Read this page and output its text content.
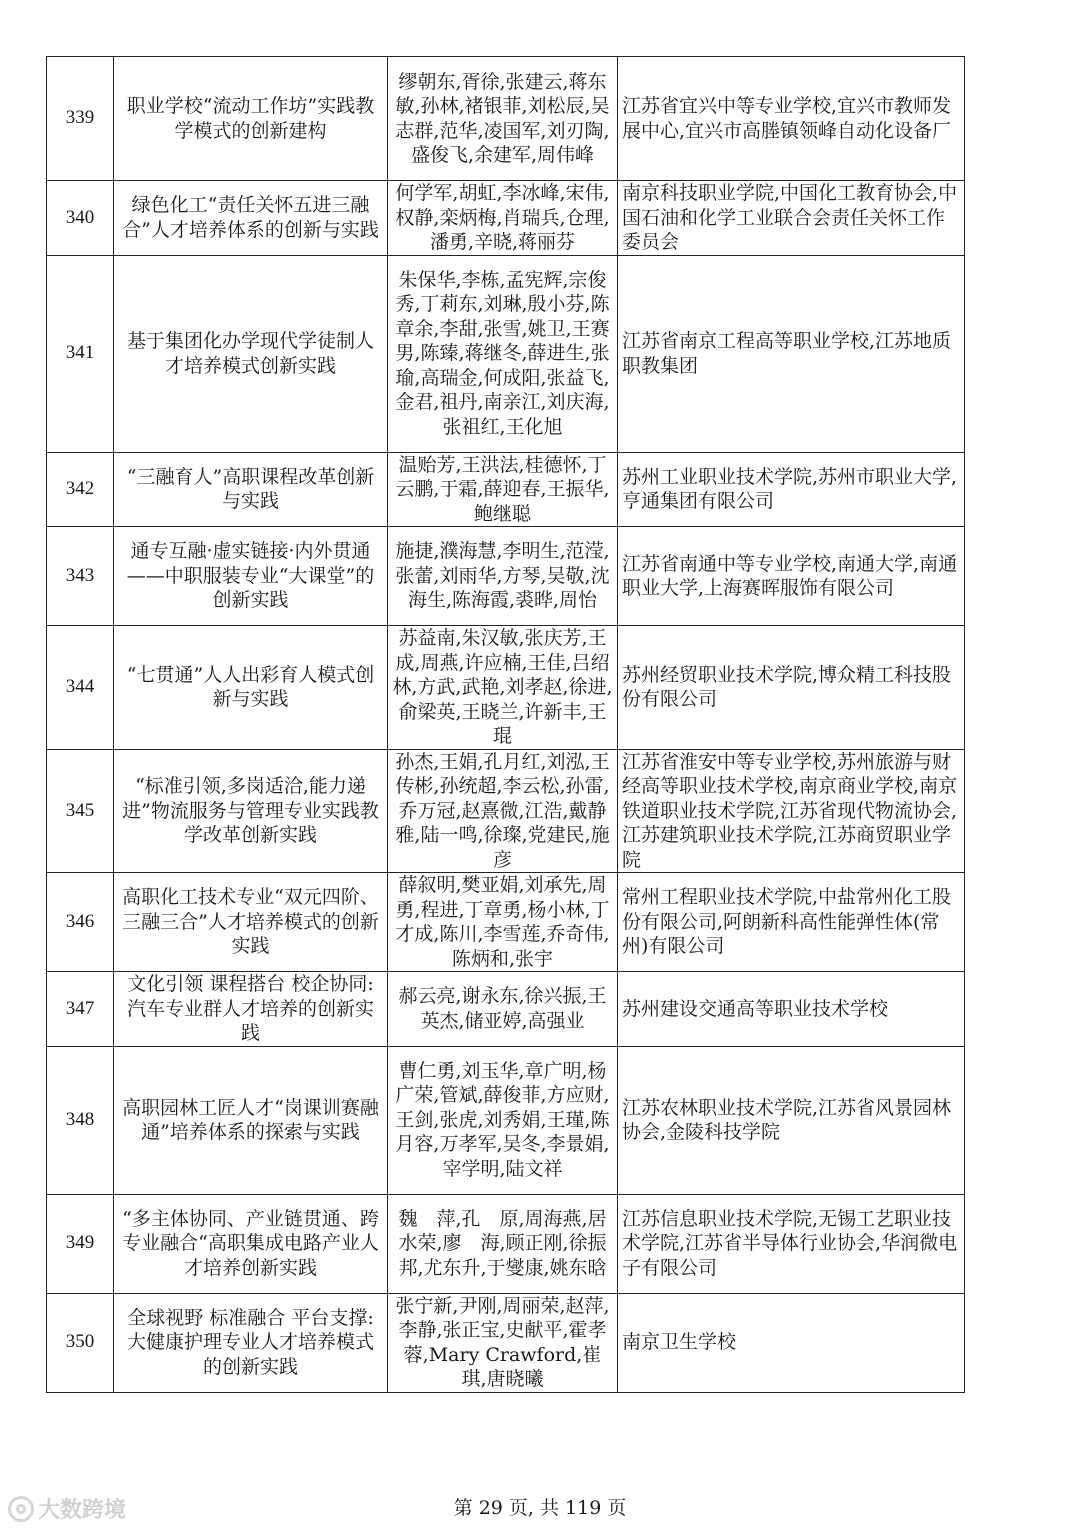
339	职业学校“流动工作坊”实践教学模式的创新建构	缪朝东,胥徐,张建云,蒋东敏,孙林,褚银菲,刘松辰,吴志群,范华,凌国军,刘刃陶,盛俊飞,余建军,周伟峰	江苏省宜兴中等专业学校,宜兴市教师发展中心,宜兴市高塍镇领峰自动化设备厂
340	绿色化工“责任关怀五进三融合”人才培养体系的创新与实践	何学军,胡虹,李冰峰,宋伟,权静,栾炳梅,肖瑞兵,仓理,潘勇,辛晓,蒋丽芬	南京科技职业学院,中国化工教育协会,中国石油和化学工业联合会责任关怀工作委员会
341	基于集团化办学现代学徒制人才培养模式创新实践	朱保华,李栋,孟宪辉,宗俊秀,丁莉东,刘琳,殷小芬,陈章余,李甜,张雪,姚卫,王赛男,陈臻,蒋继冬,薛进生,张瑜,高瑞金,何成阳,张益飞,金君,祖丹,南亲江,刘庆海,张祖红,王化旭	江苏省南京工程高等职业学校,江苏地质职教集团
342	“三融育人”高职课程改革创新与实践	温贻芳,王洪法,桂德怀,丁云鹏,于霜,薛迎春,王振华,鲍继聪	苏州工业职业技术学院,苏州市职业大学,亨通集团有限公司
343	通专互融·虚实链接·内外贯通——中职服装专业“大课堂”的创新实践	施捷,濮海慧,李明生,范滢,张蕾,刘雨华,方琴,吴敬,沈海生,陈海霞,裘晔,周怡	江苏省南通中等专业学校,南通大学,南通职业大学,上海赛晖服饰有限公司
344	“七贯通”人人出彩育人模式创新与实践	苏益南,朱汉敏,张庆芳,王成,周燕,许应楠,王佳,吕绍林,方武,武艳,刘孝赵,徐进,俞梁英,王晓兰,许新丰,王琨	苏州经贸职业技术学院,博众精工科技股份有限公司
345	“标准引领,多岗适洽,能力递进”物流服务与管理专业实践教学改革创新实践	孙杰,王娟,孔月红,刘泓,王传彬,孙统超,李云松,孙雷,乔万冠,赵熹微,江浩,戴静雅,陆一鸣,徐璨,党建民,施彦	江苏省淮安中等专业学校,苏州旅游与财经高等职业技术学校,南京商业学校,南京铁道职业技术学院,江苏省现代物流协会,江苏建筑职业技术学院,江苏商贸职业学院
346	高职化工技术专业“双元四阶、三融三合”人才培养模式的创新实践	薛叙明,樊亚娟,刘承先,周勇,程进,丁章勇,杨小林,丁才成,陈川,李雪莲,乔奇伟,陈炳和,张宇	常州工程职业技术学院,中盐常州化工股份有限公司,阿朗新科高性能弹性体(常州)有限公司
347	文化引领 课程搭台 校企协同:汽车专业群人才培养的创新实践	郝云亮,谢永东,徐兴振,王英杰,储亚婷,高强业	苏州建设交通高等职业技术学校
348	高职园林工匠人才“岗课训赛融通”培养体系的探索与实践	曹仁勇,刘玉华,章广明,杨广荣,管斌,薛俊菲,方应财,王剑,张虎,刘秀娟,王瑾,陈月容,万孝军,吴冬,李景娟,宰学明,陆文祥	江苏农林职业技术学院,江苏省风景园林协会,金陵科技学院
349	“多主体协同、产业链贯通、跨专业融合“高职集成电路产业人才培养创新实践	魏　萍,孔　原,周海燕,居水荣,廖　海,顾正刚,徐振邦,尤东升,于燮康,姚东晗	江苏信息职业技术学院,无锡工艺职业技术学院,江苏省半导体行业协会,华润微电子有限公司
350	全球视野 标准融合 平台支撑:大健康护理专业人才培养模式的创新实践	张宁新,尹刚,周丽荣,赵萍,李静,张正宝,史献平,霍孝蓉,Mary Crawford,崔琪,唐晓曦	南京卫生学校
大数跨境	第 29 页, 共 119 页
